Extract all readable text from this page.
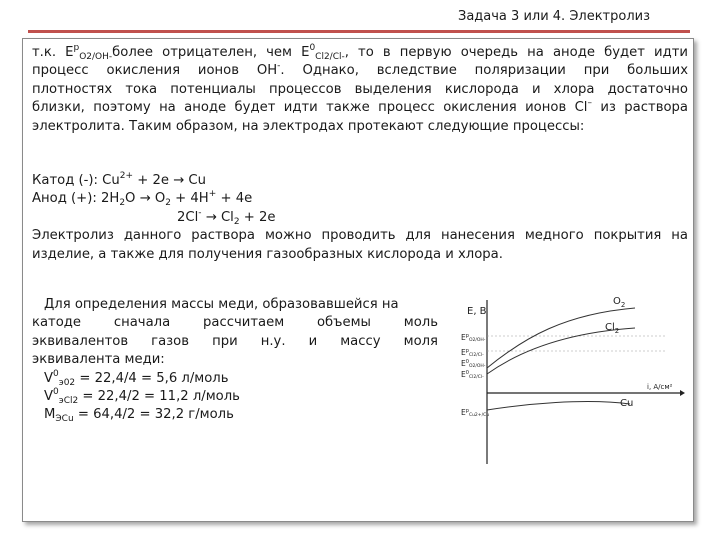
Задача 3 или 4. Электролиз
т.к. $E^p_{O2/OH-}более$ отрицателен, чем $E^0_{Cl2/Cl-}$, то в первую очередь на аноде будет идти
процесс окисления ионов OH-. Однако, вследствие поляризации при больших
плотностях тока потенциалы процессов выделения кислорода и хлора достаточно
близки, поэтому на аноде будет идти также процесс окисления ионов Cl– из раствора
электролита. Таким образом, на электродах протекают следующие процессы:
Катод (-): $Cu^{2+} + 2e \to Cu$
Анод (+): $2H_2O \to O_2 + 4H^+ + 4e$
$2Cl^- \to Cl_2 + 2e$
Электролиз данного раствора можно проводить для нанесения медного покрытия на
изделие, а также для получения газообразных кислорода и хлора.
Для определения массы меди, образовавшейся на
катоде сначала рассчитаем объемы моль
эквивалентов газов при н.у. и массу моля
эквивалента меди:
$V^0_{э02} = 22,4/4 = 5,6$ л/моль
$V^0_{эCl2} = 22,4/2 = 11,2$ л/моль
$M_{ЭCu} = 64,4/2 = 32,2$ г/моль
E, B
i, A/см²
$E^р_{O2/OH-}$
$E^р_{Cl2/Cl-}$
$E^0_{O2/OH-}$
$E^0_{Cl2/Cl-}$
$E^р_{Cu2+/Cu}$
$O_2$
$Cl_2$
Cu
